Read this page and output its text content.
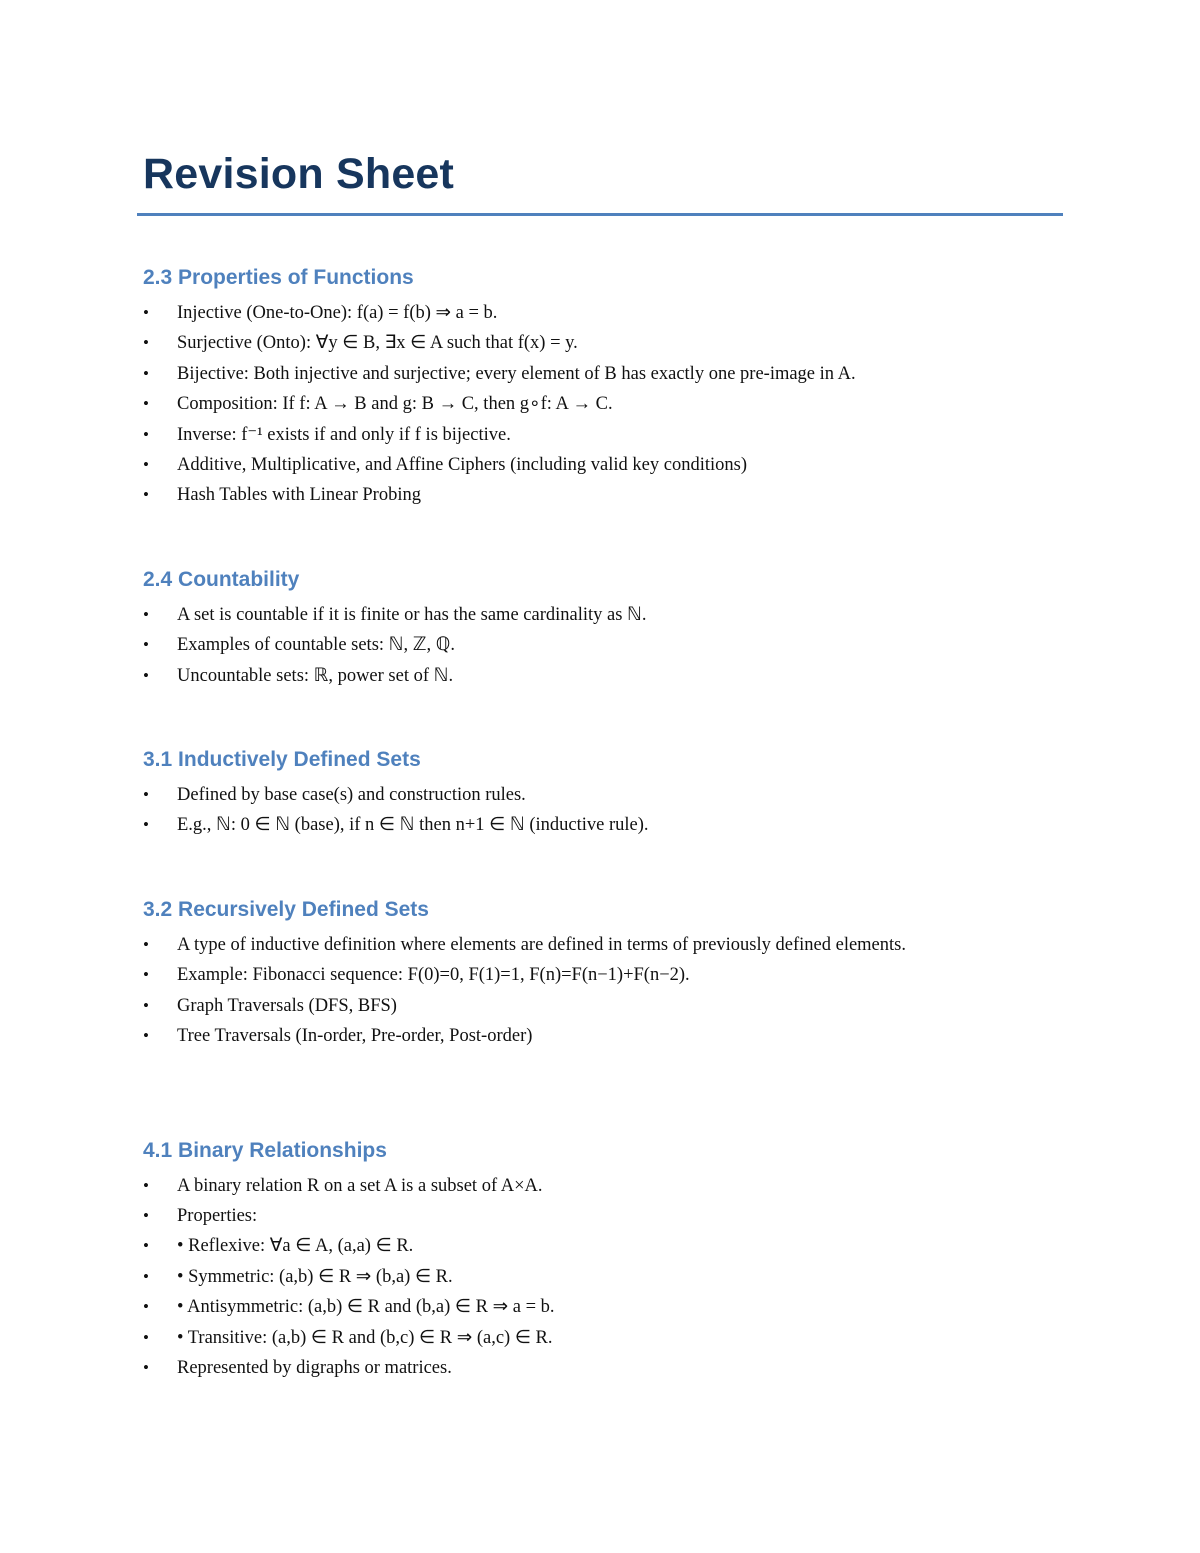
Revision Sheet
2.3 Properties of Functions
•	Injective (One-to-One): f(a) = f(b) ⇒ a = b.
•	Surjective (Onto): ∀y ∈ B, ∃x ∈ A such that f(x) = y.
•	Bijective: Both injective and surjective; every element of B has exactly one pre-image in A.
•	Composition: If f: A → B and g: B → C, then g∘f: A → C.
•	Inverse: f⁻¹ exists if and only if f is bijective.
•	Additive, Multiplicative, and Affine Ciphers (including valid key conditions)
•	Hash Tables with Linear Probing
2.4 Countability
•	A set is countable if it is finite or has the same cardinality as ℕ.
•	Examples of countable sets: ℕ, ℤ, ℚ.
•	Uncountable sets: ℝ, power set of ℕ.
3.1 Inductively Defined Sets
•	Defined by base case(s) and construction rules.
•	E.g., ℕ: 0 ∈ ℕ (base), if n ∈ ℕ then n+1 ∈ ℕ (inductive rule).
3.2 Recursively Defined Sets
•	A type of inductive definition where elements are defined in terms of previously defined elements.
•	Example: Fibonacci sequence: F(0)=0, F(1)=1, F(n)=F(n−1)+F(n−2).
•	Graph Traversals (DFS, BFS)
•	Tree Traversals (In-order, Pre-order, Post-order)
4.1 Binary Relationships
•	A binary relation R on a set A is a subset of A×A.
•	Properties:
•	• Reflexive: ∀a ∈ A, (a,a) ∈ R.
•	• Symmetric: (a,b) ∈ R ⇒ (b,a) ∈ R.
•	• Antisymmetric: (a,b) ∈ R and (b,a) ∈ R ⇒ a = b.
•	• Transitive: (a,b) ∈ R and (b,c) ∈ R ⇒ (a,c) ∈ R.
•	Represented by digraphs or matrices.
